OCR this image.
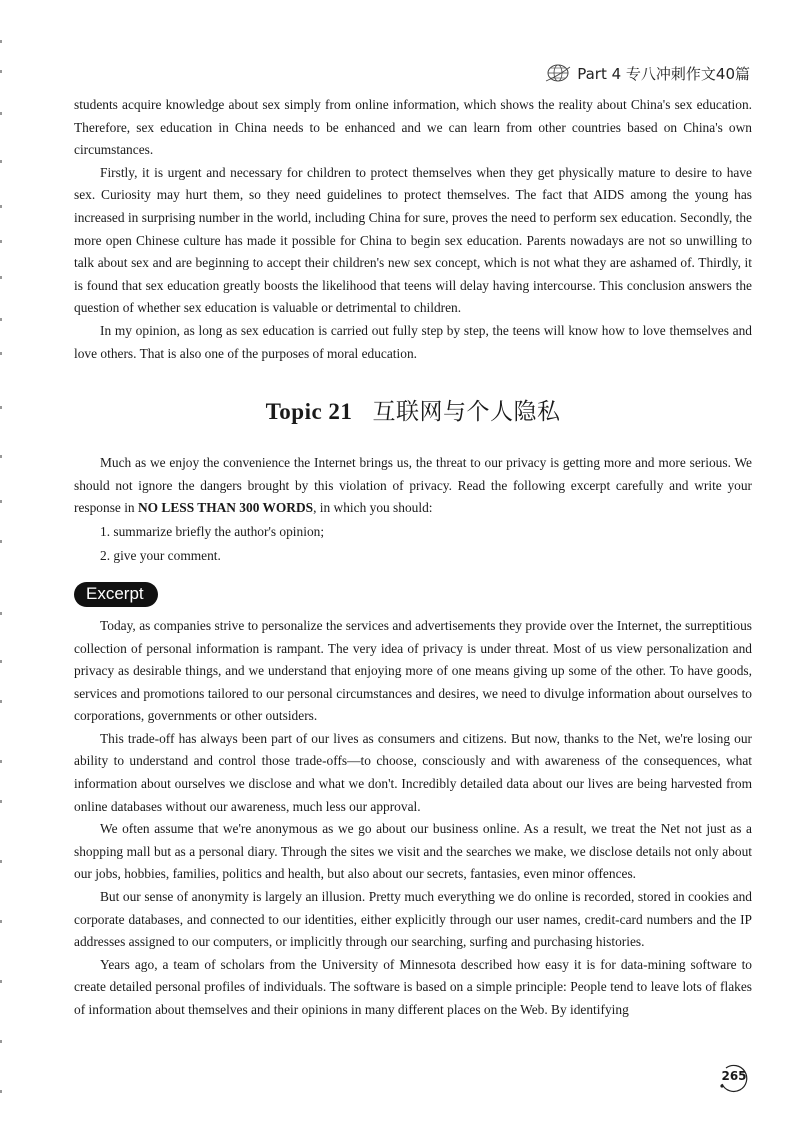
Part 4 专八冲刺作文40篇

students acquire knowledge about sex simply from online information, which shows the reality about China's sex education. Therefore, sex education in China needs to be enhanced and we can learn from other countries based on China's own circumstances.

Firstly, it is urgent and necessary for children to protect themselves when they get physically mature to desire to have sex. Curiosity may hurt them, so they need guidelines to protect themselves. The fact that AIDS among the young has increased in surprising number in the world, including China for sure, proves the need to perform sex education. Secondly, the more open Chinese culture has made it possible for China to begin sex education. Parents nowadays are not so unwilling to talk about sex and are beginning to accept their children's new sex concept, which is not what they are ashamed of. Thirdly, it is found that sex education greatly boosts the likelihood that teens will delay having intercourse. This conclusion answers the question of whether sex education is valuable or detrimental to children.

In my opinion, as long as sex education is carried out fully step by step, the teens will know how to love themselves and love others. That is also one of the purposes of moral education.

Topic 21 互联网与个人隐私

Much as we enjoy the convenience the Internet brings us, the threat to our privacy is getting more and more serious. We should not ignore the dangers brought by this violation of privacy. Read the following excerpt carefully and write your response in NO LESS THAN 300 WORDS, in which you should:

1. summarize briefly the author's opinion;
2. give your comment.
Excerpt

Today, as companies strive to personalize the services and advertisements they provide over the Internet, the surreptitious collection of personal information is rampant. The very idea of privacy is under threat. Most of us view personalization and privacy as desirable things, and we understand that enjoying more of one means giving up some of the other. To have goods, services and promotions tailored to our personal circumstances and desires, we need to divulge information about ourselves to corporations, governments or other outsiders.

This trade-off has always been part of our lives as consumers and citizens. But now, thanks to the Net, we're losing our ability to understand and control those trade-offs—to choose, consciously and with awareness of the consequences, what information about ourselves we disclose and what we don't. Incredibly detailed data about our lives are being harvested from online databases without our awareness, much less our approval.

We often assume that we're anonymous as we go about our business online. As a result, we treat the Net not just as a shopping mall but as a personal diary. Through the sites we visit and the searches we make, we disclose details not only about our jobs, hobbies, families, politics and health, but also about our secrets, fantasies, even minor offences.

But our sense of anonymity is largely an illusion. Pretty much everything we do online is recorded, stored in cookies and corporate databases, and connected to our identities, either explicitly through our user names, credit-card numbers and the IP addresses assigned to our computers, or implicitly through our searching, surfing and purchasing histories.

Years ago, a team of scholars from the University of Minnesota described how easy it is for data-mining software to create detailed personal profiles of individuals. The software is based on a simple principle: People tend to leave lots of flakes of information about themselves and their opinions in many different places on the Web. By identifying

265
